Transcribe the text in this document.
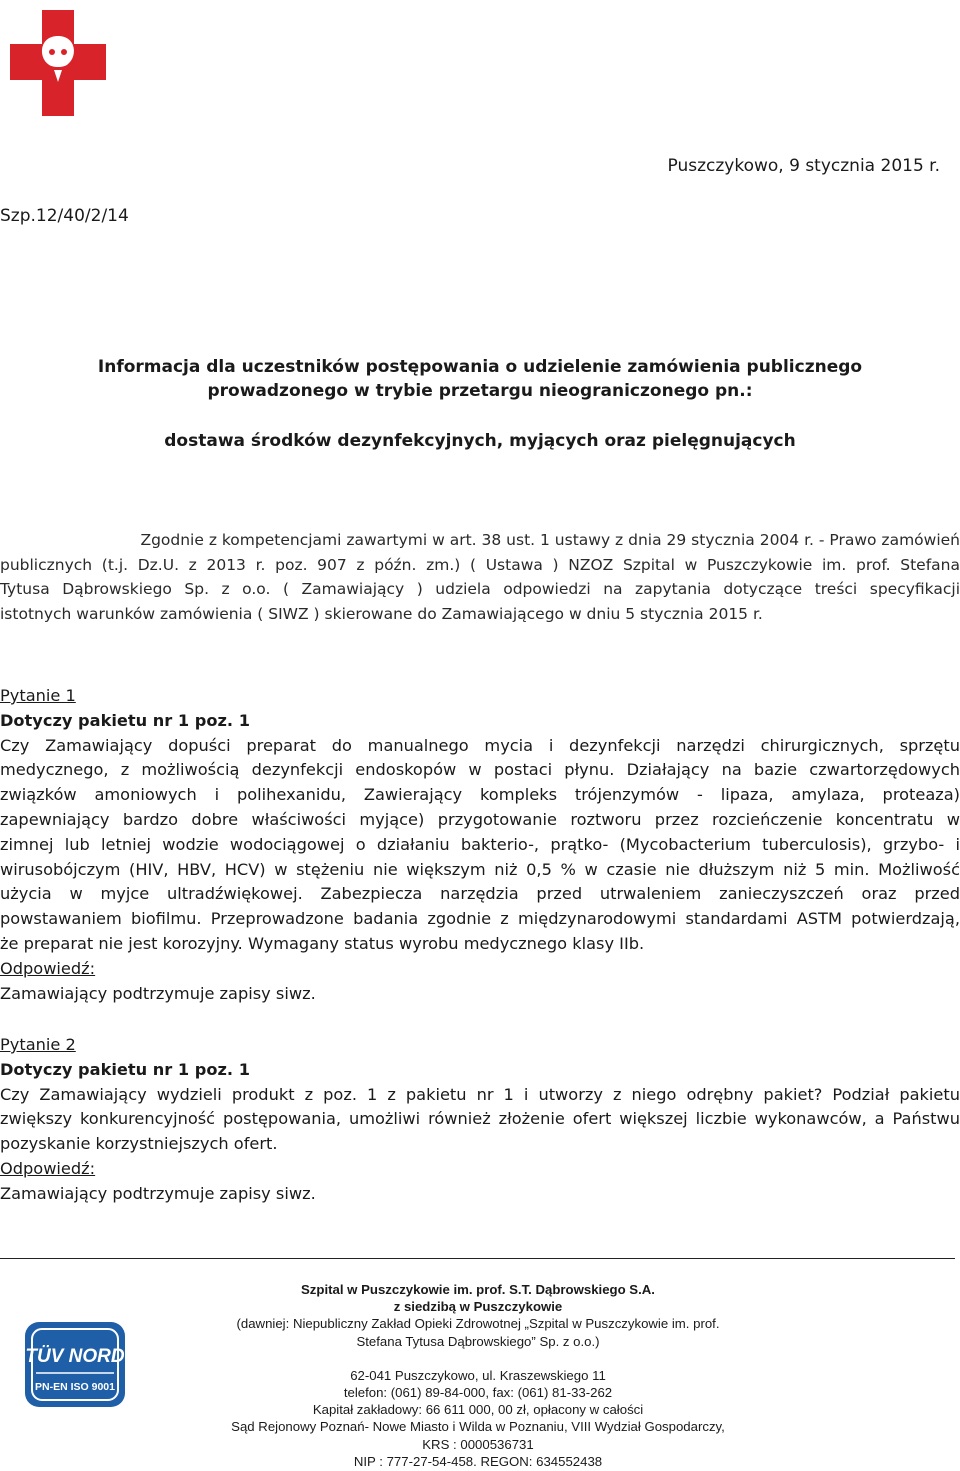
Puszczykowo, 9 stycznia 2015 r.
Szp.12/40/2/14
Informacja dla uczestników postępowania o udzielenie zamówienia publicznego
prowadzonego w trybie przetargu nieograniczonego pn.:
dostawa środków dezynfekcyjnych, myjących oraz pielęgnujących
Zgodnie z kompetencjami zawartymi w art. 38 ust. 1 ustawy z dnia 29 stycznia 2004 r. - Prawo zamówień
publicznych (t.j. Dz.U. z 2013 r. poz. 907 z późn. zm.) ( Ustawa ) NZOZ Szpital w Puszczykowie im. prof. Stefana
Tytusa Dąbrowskiego Sp. z o.o. ( Zamawiający ) udziela odpowiedzi na zapytania dotyczące treści specyfikacji
istotnych warunków zamówienia ( SIWZ ) skierowane do Zamawiającego w dniu 5 stycznia 2015 r.
Pytanie 1
Dotyczy pakietu nr 1 poz. 1
Czy Zamawiający dopuści preparat do manualnego mycia i dezynfekcji narzędzi chirurgicznych, sprzętu
medycznego, z możliwością dezynfekcji endoskopów w postaci płynu. Działający na bazie czwartorzędowych
związków amoniowych i polihexanidu, Zawierający kompleks trójenzymów - lipaza, amylaza, proteaza)
zapewniający bardzo dobre właściwości myjące) przygotowanie roztworu przez rozcieńczenie koncentratu w
zimnej lub letniej wodzie wodociągowej o działaniu bakterio-, prątko- (Mycobacterium tuberculosis), grzybo- i
wirusobójczym (HIV, HBV, HCV) w stężeniu nie większym niż 0,5 % w czasie nie dłuższym niż 5 min. Możliwość
użycia w myjce ultradźwiękowej. Zabezpiecza narzędzia przed utrwaleniem zanieczyszczeń oraz przed
powstawaniem biofilmu. Przeprowadzone badania zgodnie z międzynarodowymi standardami ASTM potwierdzają,
że preparat nie jest korozyjny. Wymagany status wyrobu medycznego klasy IIb.
Odpowiedź:
Zamawiający podtrzymuje zapisy siwz.
Pytanie 2
Dotyczy pakietu nr 1 poz. 1
Czy Zamawiający wydzieli produkt z poz. 1 z pakietu nr 1 i utworzy z niego odrębny pakiet? Podział pakietu
zwiększy konkurencyjność postępowania, umożliwi również złożenie ofert większej liczbie wykonawców, a Państwu
pozyskanie korzystniejszych ofert.
Odpowiedź:
Zamawiający podtrzymuje zapisy siwz.
TÜV NORD
PN-EN ISO 9001
Szpital w Puszczykowie im. prof. S.T. Dąbrowskiego S.A.
z siedzibą w Puszczykowie
(dawniej: Niepubliczny Zakład Opieki Zdrowotnej „Szpital w Puszczykowie im. prof.
Stefana Tytusa Dąbrowskiego” Sp. z o.o.)
62-041 Puszczykowo, ul. Kraszewskiego 11
telefon: (061) 89-84-000, fax: (061) 81-33-262
Kapitał zakładowy: 66 611 000, 00 zł, opłacony w całości
Sąd Rejonowy Poznań- Nowe Miasto i Wilda w Poznaniu, VIII Wydział Gospodarczy,
KRS : 0000536731
NIP : 777-27-54-458. REGON: 634552438
